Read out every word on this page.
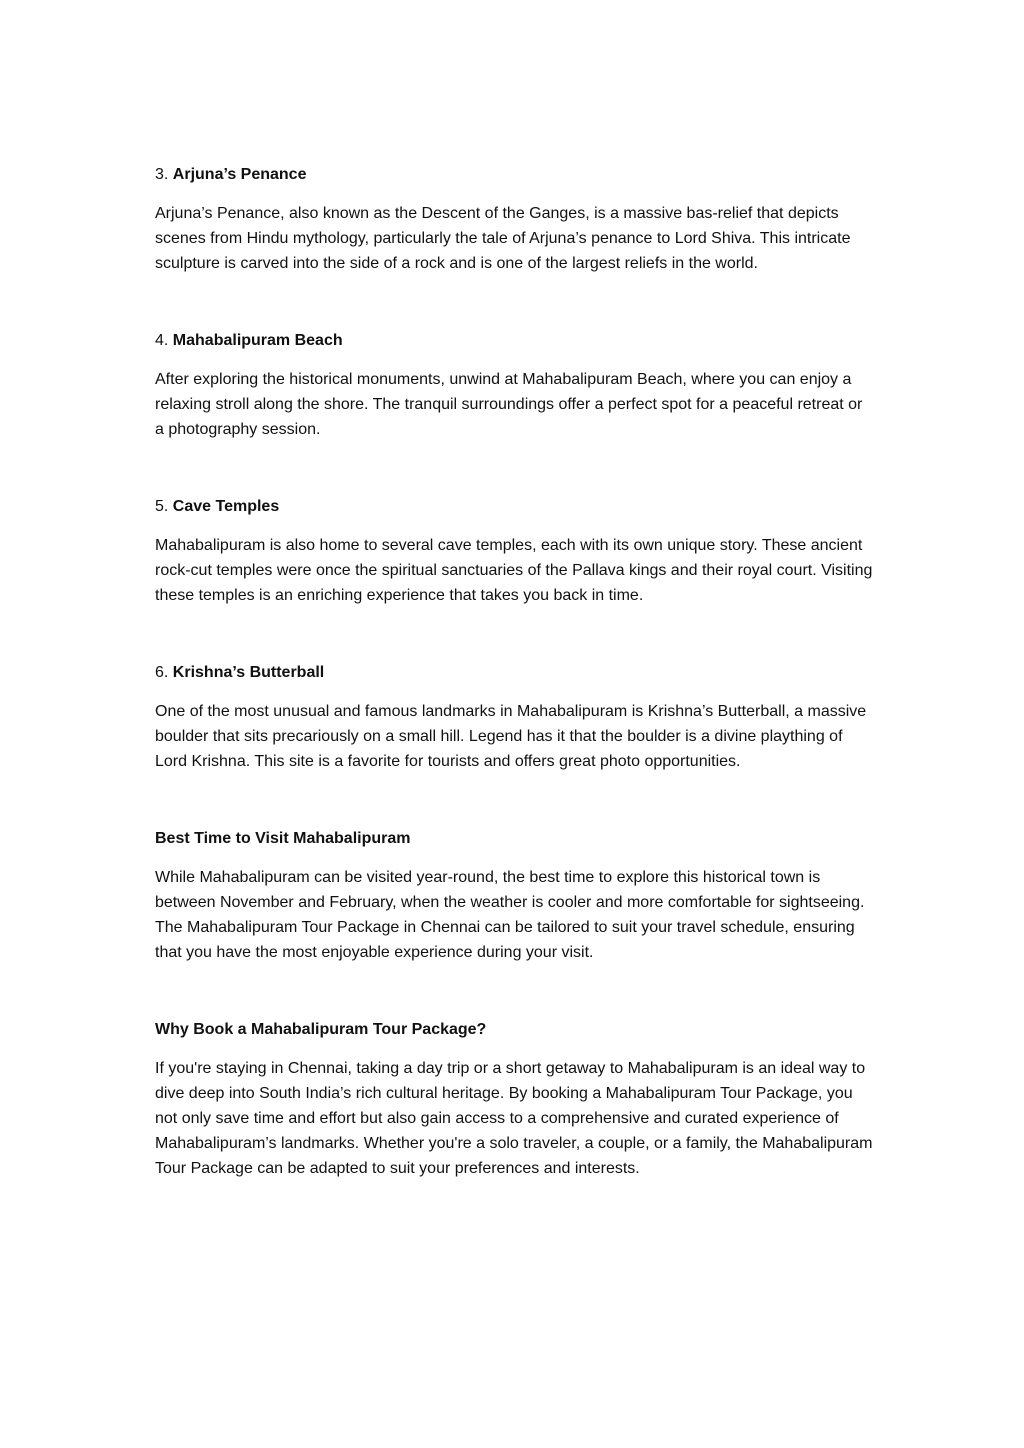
3. Arjuna’s Penance

Arjuna’s Penance, also known as the Descent of the Ganges, is a massive bas-relief that depicts scenes from Hindu mythology, particularly the tale of Arjuna’s penance to Lord Shiva. This intricate sculpture is carved into the side of a rock and is one of the largest reliefs in the world.

4. Mahabalipuram Beach

After exploring the historical monuments, unwind at Mahabalipuram Beach, where you can enjoy a relaxing stroll along the shore. The tranquil surroundings offer a perfect spot for a peaceful retreat or a photography session.

5. Cave Temples

Mahabalipuram is also home to several cave temples, each with its own unique story. These ancient rock-cut temples were once the spiritual sanctuaries of the Pallava kings and their royal court. Visiting these temples is an enriching experience that takes you back in time.

6. Krishna’s Butterball

One of the most unusual and famous landmarks in Mahabalipuram is Krishna’s Butterball, a massive boulder that sits precariously on a small hill. Legend has it that the boulder is a divine plaything of Lord Krishna. This site is a favorite for tourists and offers great photo opportunities.

Best Time to Visit Mahabalipuram

While Mahabalipuram can be visited year-round, the best time to explore this historical town is between November and February, when the weather is cooler and more comfortable for sightseeing. The Mahabalipuram Tour Package in Chennai can be tailored to suit your travel schedule, ensuring that you have the most enjoyable experience during your visit.

Why Book a Mahabalipuram Tour Package?

If you're staying in Chennai, taking a day trip or a short getaway to Mahabalipuram is an ideal way to dive deep into South India’s rich cultural heritage. By booking a Mahabalipuram Tour Package, you not only save time and effort but also gain access to a comprehensive and curated experience of Mahabalipuram’s landmarks. Whether you're a solo traveler, a couple, or a family, the Mahabalipuram Tour Package can be adapted to suit your preferences and interests.
